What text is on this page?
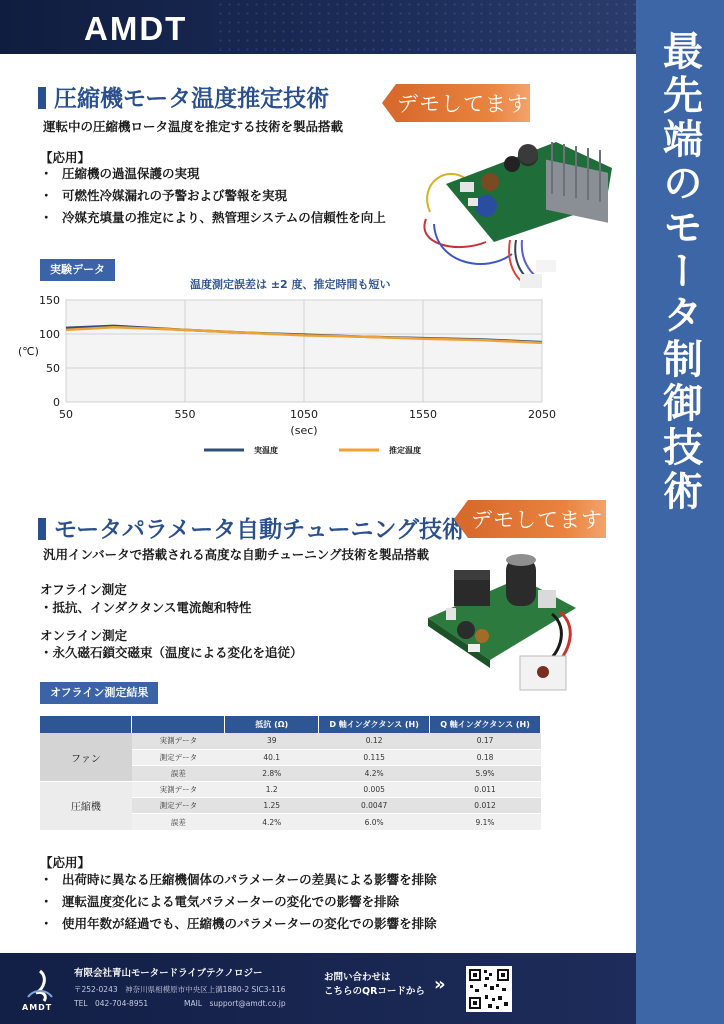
AMDT
最先端のモータ制御技術
圧縮機モータ温度推定技術	デモしてます
運転中の圧縮機ロータ温度を推定する技術を製品搭載
【応用】
・ 圧縮機の過温保護の実現
・ 可燃性冷媒漏れの予警および警報を実現
・ 冷媒充填量の推定により、熱管理システムの信頼性を向上
実験データ
温度測定誤差は ±2 度、推定時間も短い
0
50
100
150
50	550	1050	1550	2050
(℃)
(sec)
実温度	推定温度
モータパラメータ自動チューニング技術 デモしてます
汎用インバータで搭載される高度な自動チューニング技術を製品搭載
オフライン測定
・抵抗、インダクタンス電流飽和特性
オンライン測定
・永久磁石鎖交磁束（温度による変化を追従）
オフライン測定結果
		抵抗 (Ω)	D 軸インダクタンス (H)	Q 軸インダクタンス (H)
ファン	実測データ	39	0.12	0.17
	測定データ	40.1	0.115	0.18
	誤差	2.8%	4.2%	5.9%
圧縮機	実測データ	1.2	0.005	0.011
	測定データ	1.25	0.0047	0.012
	誤差	4.2%	6.0%	9.1%
【応用】
・ 出荷時に異なる圧縮機個体のパラメーターの差異による影響を排除
・ 運転温度変化による電気パラメーターの変化での影響を排除
・ 使用年数が経過でも、圧縮機のパラメーターの変化での影響を排除
AMDT
有限会社青山モータードライブテクノロジー
〒252-0243　神奈川県相模原市中央区上溝1880-2 SIC3-116
TEL　042-704-8951	MAIL　support@amdt.co.jp
お問い合わせは
こちらのQRコードから »
